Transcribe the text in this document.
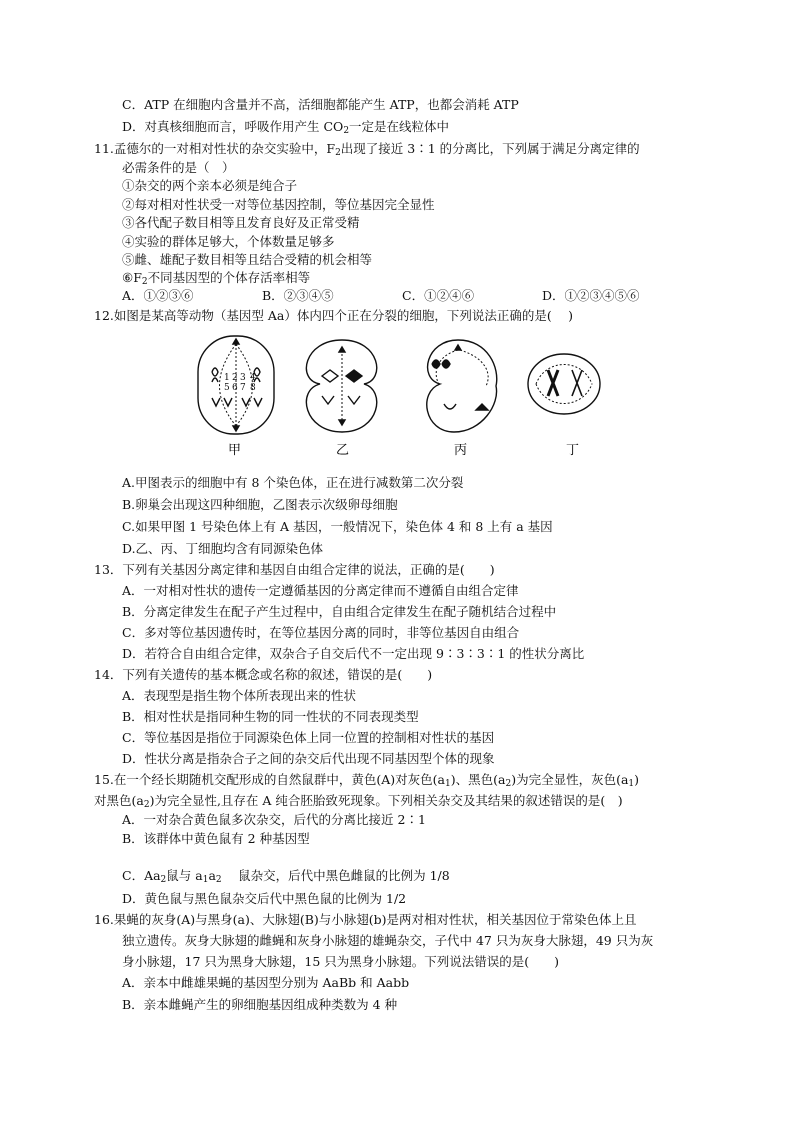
C．ATP 在细胞内含量并不高，活细胞都能产生 ATP，也都会消耗 ATP
D．对真核细胞而言，呼吸作用产生 $CO_2$一定是在线粒体中
11.孟德尔的一对相对性状的杂交实验中，$F_2$出现了接近 3∶1 的分离比，下列属于满足分离定律的
必需条件的是（　）
①杂交的两个亲本必须是纯合子
②每对相对性状受一对等位基因控制，等位基因完全显性
③各代配子数目相等且发育良好及正常受精
④实验的群体足够大，个体数量足够多
⑤雌、雄配子数目相等且结合受精的机会相等
$⑥F_2$不同基因型的个体存活率相等
A．①②③⑥	B．②③④⑤	C．①②④⑥	D．①②③④⑤⑥
12.如图是某高等动物（基因型 Aa）体内四个正在分裂的细胞，下列说法正确的是(　 )
1 2 3 4
5 6 7 8
甲	乙	丙	丁
A.甲图表示的细胞中有 8 个染色体，正在进行减数第二次分裂
B.卵巢会出现这四种细胞，乙图表示次级卵母细胞
C.如果甲图 1 号染色体上有 A 基因，一般情况下，染色体 4 和 8 上有 a 基因
D.乙、丙、丁细胞均含有同源染色体
13．下列有关基因分离定律和基因自由组合定律的说法，正确的是(　　)
A．一对相对性状的遗传一定遵循基因的分离定律而不遵循自由组合定律
B．分离定律发生在配子产生过程中，自由组合定律发生在配子随机结合过程中
C．多对等位基因遗传时，在等位基因分离的同时，非等位基因自由组合
D．若符合自由组合定律，双杂合子自交后代不一定出现 9∶3∶3∶1 的性状分离比
14．下列有关遗传的基本概念或名称的叙述，错误的是(　　)
A．表现型是指生物个体所表现出来的性状
B．相对性状是指同种生物的同一性状的不同表现类型
C．等位基因是指位于同源染色体上同一位置的控制相对性状的基因
D．性状分离是指杂合子之间的杂交后代出现不同基因型个体的现象
15.在一个经长期随机交配形成的自然鼠群中，黄色(A)对灰色$(a_1)$、黑色$(a_2)$为完全显性，灰色$(a_1)$
对黑色$(a_2)$为完全显性,且存在 A 纯合胚胎致死现象。下列相关杂交及其结果的叙述错误的是(　)
A．一对杂合黄色鼠多次杂交，后代的分离比接近 2∶1
B．该群体中黄色鼠有 2 种基因型
C．$Aa_2$鼠与 $a_1a_2$　 鼠杂交，后代中黑色雌鼠的比例为 1/8
D．黄色鼠与黑色鼠杂交后代中黑色鼠的比例为 1/2
16.果蝇的灰身(A)与黑身(a)、大脉翅(B)与小脉翅(b)是两对相对性状，相关基因位于常染色体上且
独立遗传。灰身大脉翅的雌蝇和灰身小脉翅的雄蝇杂交，子代中 47 只为灰身大脉翅，49 只为灰
身小脉翅，17 只为黑身大脉翅，15 只为黑身小脉翅。下列说法错误的是(　　)
A．亲本中雌雄果蝇的基因型分别为 AaBb 和 Aabb
B．亲本雌蝇产生的卵细胞基因组成种类数为 4 种
